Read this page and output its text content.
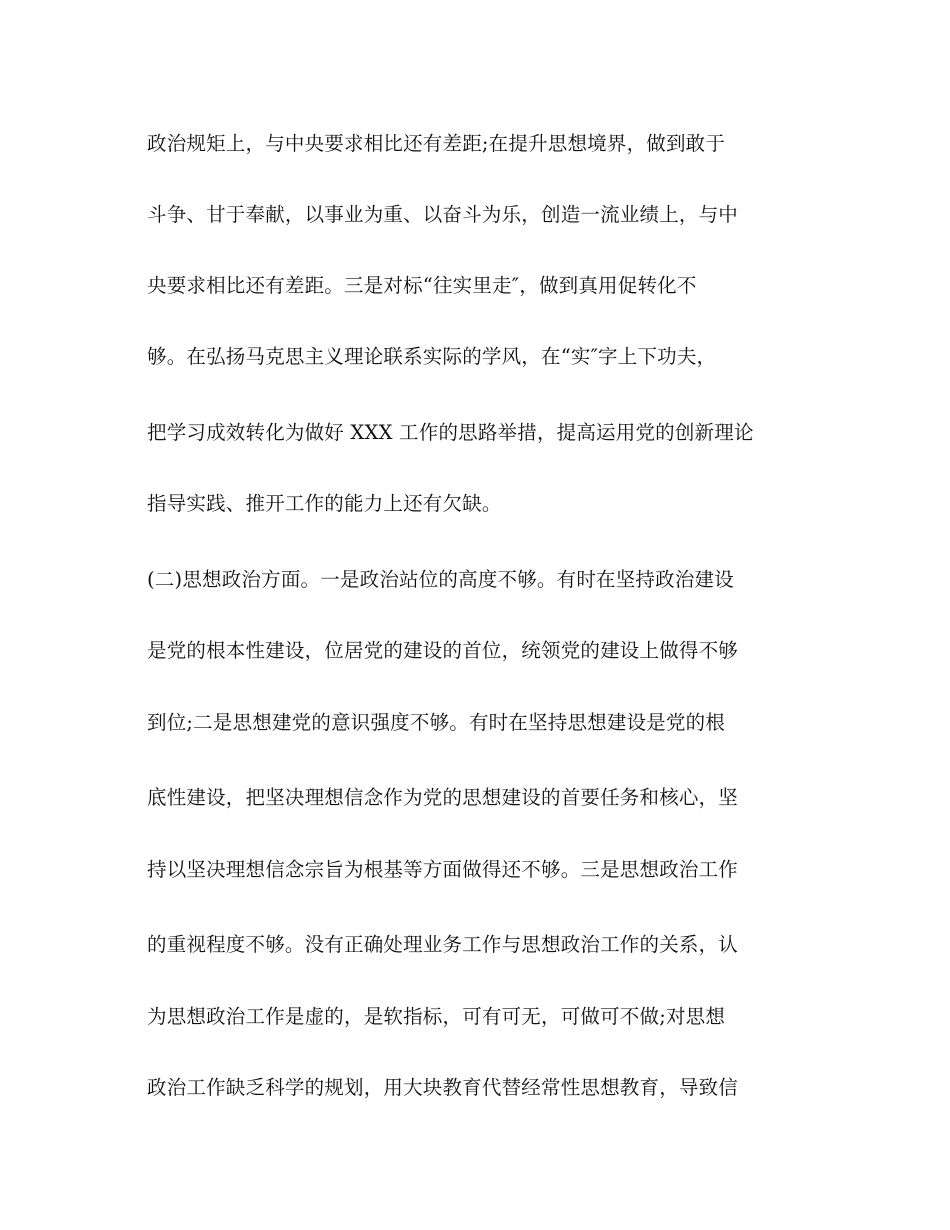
政治规矩上，与中央要求相比还有差距;在提升思想境界，做到敢于
斗争、甘于奉献，以事业为重、以奋斗为乐，创造一流业绩上，与中
央要求相比还有差距。三是对标“往实里走″，做到真用促转化不
够。在弘扬马克思主义理论联系实际的学风，在“实″字上下功夫，
把学习成效转化为做好 XXX 工作的思路举措，提高运用党的创新理论
指导实践、推开工作的能力上还有欠缺。
(二)思想政治方面。一是政治站位的高度不够。有时在坚持政治建设
是党的根本性建设，位居党的建设的首位，统领党的建设上做得不够
到位;二是思想建党的意识强度不够。有时在坚持思想建设是党的根
底性建设，把坚决理想信念作为党的思想建设的首要任务和核心，坚
持以坚决理想信念宗旨为根基等方面做得还不够。三是思想政治工作
的重视程度不够。没有正确处理业务工作与思想政治工作的关系，认
为思想政治工作是虚的，是软指标，可有可无，可做可不做;对思想
政治工作缺乏科学的规划，用大块教育代替经常性思想教育，导致信
